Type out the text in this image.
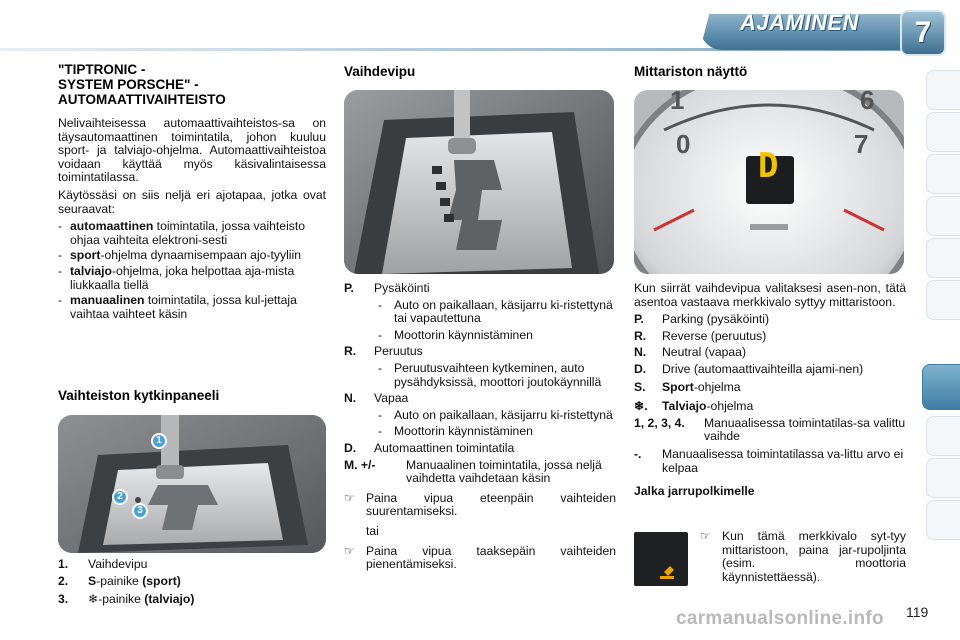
AJAMINEN	7
"TIPTRONIC -
SYSTEM PORSCHE" -
AUTOMAATTIVAIHTEISTO

Nelivaihteisessa automaattivaihteistos-sa on täysautomaattinen toimintatila, johon kuuluu sport- ja talviajo-ohjelma. Automaattivaihteistoa voidaan käyttää myös käsivalintaisessa toimintatilassa.

Käytössäsi on siis neljä eri ajotapaa, jotka ovat seuraavat:

- automaattinen toimintatila, jossa vaihteisto ohjaa vaihteita elektroni-sesti
- sport-ohjelma dynaamisempaan ajo-tyyliin
- talviajo-ohjelma, joka helpottaa aja-mista liukkaalla tiellä
- manuaalinen toimintatila, jossa kul-jettaja vaihtaa vaihteet käsin
Vaihteiston kytkinpaneeli
1
2
3
1.	Vaihdevipu
2.	S -painike (sport)
3.	❄ -painike (talviajo)
Vaihdevipu
P.	Pysäköinti
- Auto on paikallaan, käsijarru ki-ristettynä tai vapautettuna
- Moottorin käynnistäminen
R.	Peruutus
- Peruutusvaihteen kytkeminen, auto pysähdyksissä, moottori joutokäynnillä
N.	Vapaa
- Auto on paikallaan, käsijarru ki-ristettynä
- Moottorin käynnistäminen
D.	Automaattinen toimintatila
M. +/-	Manuaalinen toimintatila, jossa neljä vaihdetta vaihdetaan käsin
☞ Paina vipua eteenpäin vaihteiden suurentamiseksi.
tai
☞ Paina vipua taaksepäin vaihteiden pienentämiseksi.
Mittariston näyttö
1	6
0	7
D

Kun siirrät vaihdevipua valitaksesi asen-non, tätä asentoa vastaava merkkivalo syttyy mittaristoon.

P.	Parking (pysäköinti)
R.	Reverse (peruutus)
N.	Neutral (vapaa)
D.	Drive (automaattivaihteilla ajami-nen)
S.	Sport -ohjelma
❄.	Talviajo -ohjelma
1, 2, 3, 4.	Manuaalisessa toimintatilas-sa valittu vaihde
-.	Manuaalisessa toimintatilassa va-littu arvo ei kelpaa
Jalka jarrupolkimelle
☞ Kun tämä merkkivalo syt-tyy mittaristoon, paina jar-rupoljinta (esim. moottoria käynnistettäessä).
carmanualsonline.info 119
